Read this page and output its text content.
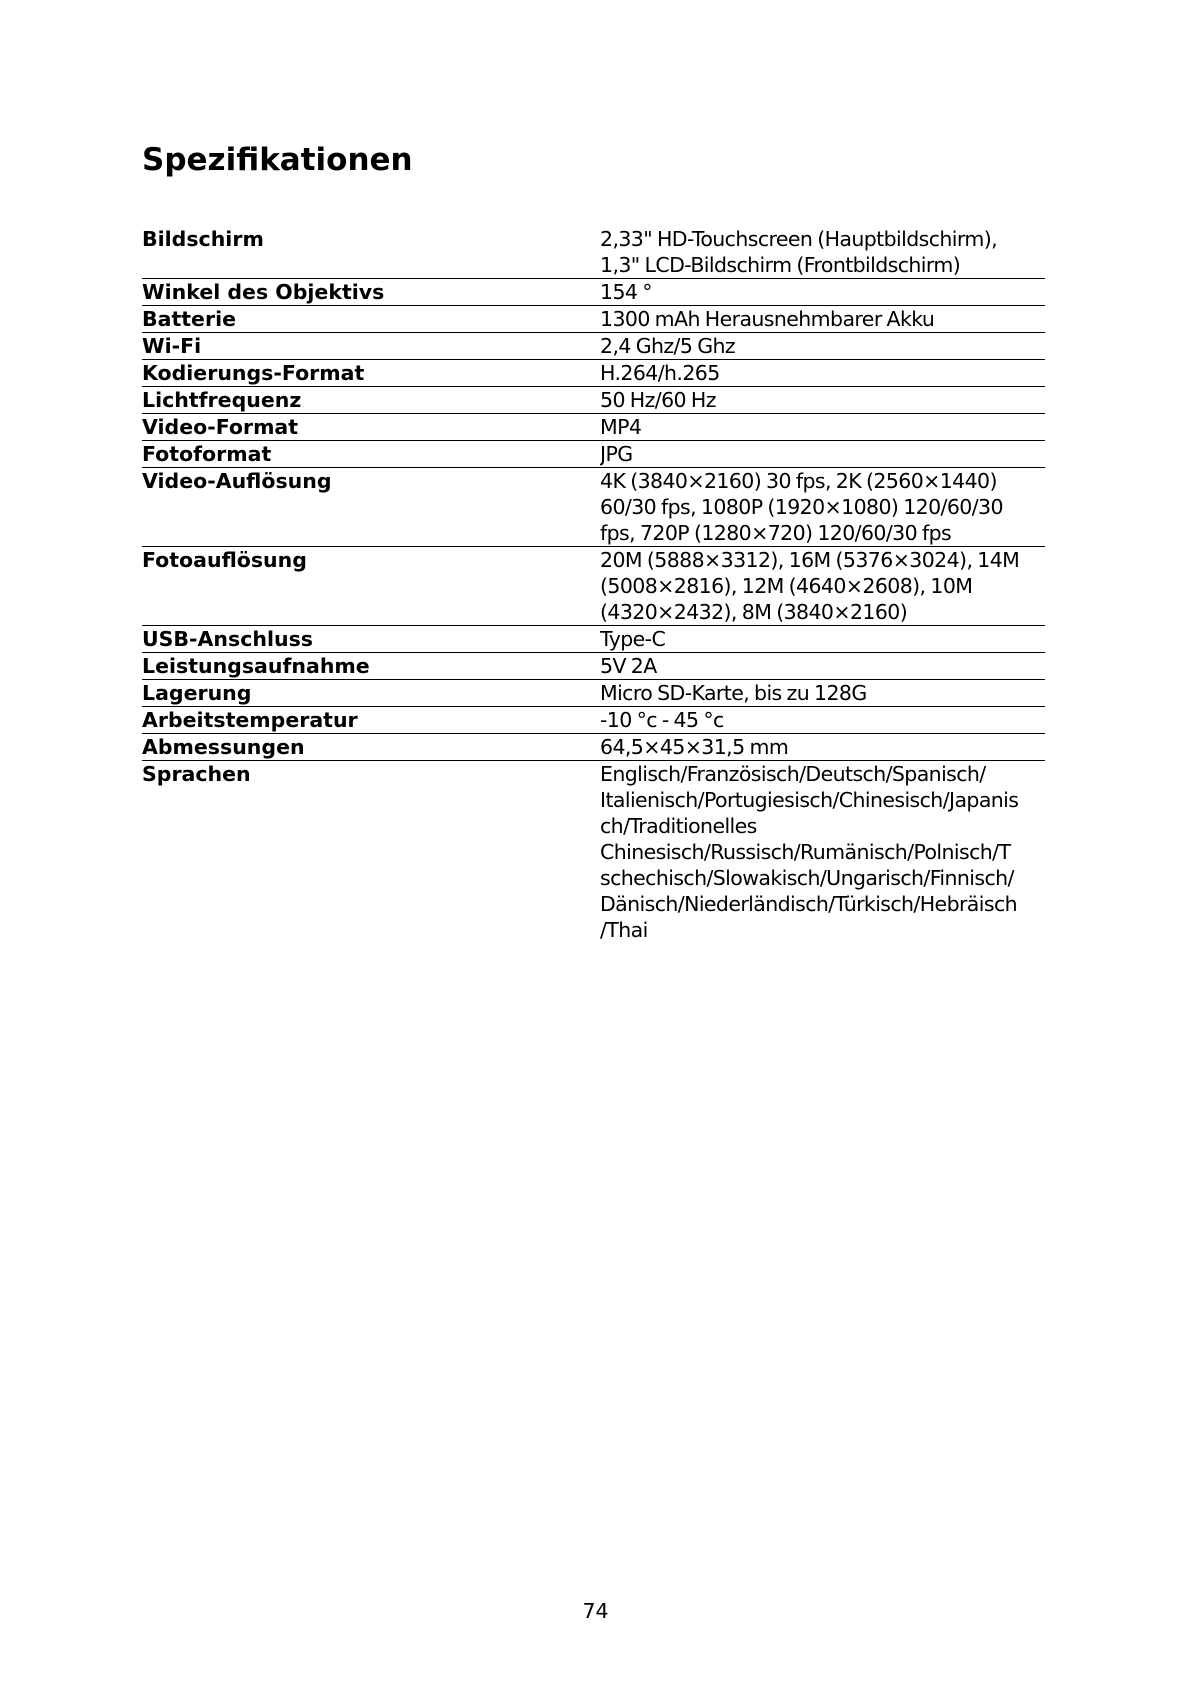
Spezifikationen
Bildschirm	2,33" HD-Touchscreen (Hauptbildschirm),
1,3" LCD-Bildschirm (Frontbildschirm)
Winkel des Objektivs	154 °
Batterie	1300 mAh Herausnehmbarer Akku
Wi-Fi	2,4 Ghz/5 Ghz
Kodierungs-Format	H.264/h.265
Lichtfrequenz	50 Hz/60 Hz
Video-Format	MP4
Fotoformat	JPG
Video-Auflösung	4K (3840×2160) 30 fps, 2K (2560×1440)
60/30 fps, 1080P (1920×1080) 120/60/30
fps, 720P (1280×720) 120/60/30 fps
Fotoauflösung	20M (5888×3312), 16M (5376×3024), 14M
(5008×2816), 12M (4640×2608), 10M
(4320×2432), 8M (3840×2160)
USB-Anschluss	Type-C
Leistungsaufnahme	5V 2A
Lagerung	Micro SD-Karte, bis zu 128G
Arbeitstemperatur	-10 °c - 45 °c
Abmessungen	64,5×45×31,5 mm
Sprachen	Englisch/Französisch/Deutsch/Spanisch/
Italienisch/Portugiesisch/Chinesisch/Japanis
ch/Traditionelles
Chinesisch/Russisch/Rumänisch/Polnisch/T
schechisch/Slowakisch/Ungarisch/Finnisch/
Dänisch/Niederländisch/Türkisch/Hebräisch
/Thai
74
